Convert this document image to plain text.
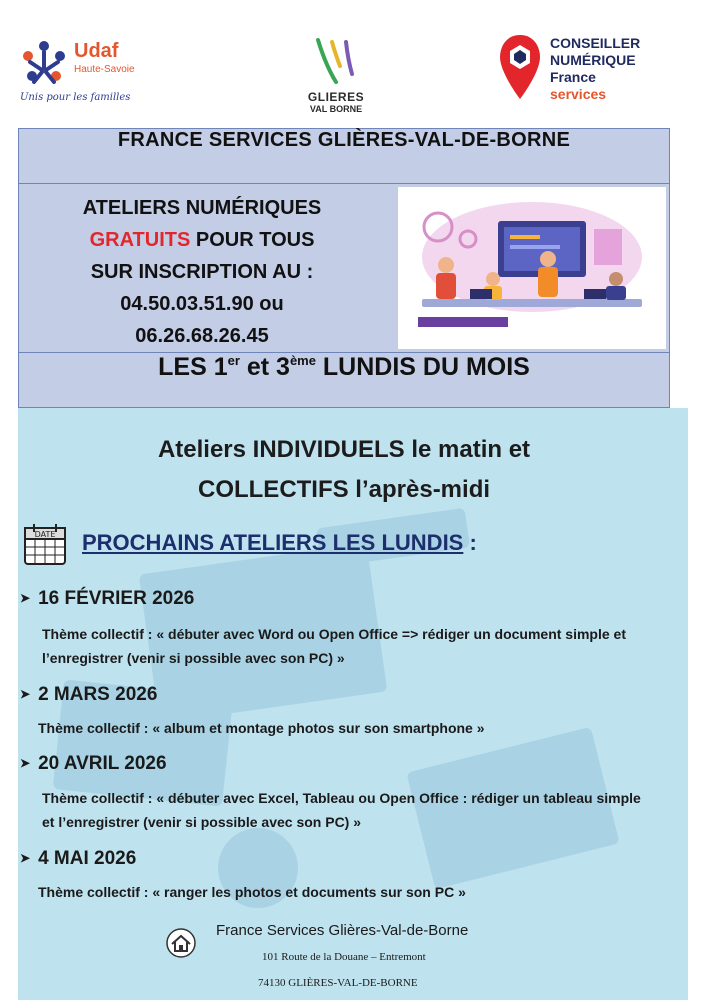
Udaf
Haute-Savoie
Unis pour les familles	GLIERES
VAL BORNE
CONSEILLER
NUMÉRIQUE
France
services
FRANCE SERVICES GLIÈRES-VAL-DE-BORNE
ATELIERS NUMÉRIQUES
GRATUITS POUR TOUS
SUR INSCRIPTION AU :
04.50.03.51.90 ou
06.26.68.26.45
LES 1er et 3ème LUNDIS DU MOIS
Ateliers INDIVIDUELS le matin et
COLLECTIFS l’après-midi
DATE PROCHAINS ATELIERS LES LUNDIS :
➤ 16 FÉVRIER 2026
Thème collectif : « débuter avec Word ou Open Office => rédiger un document simple et l’enregistrer (venir si possible avec son PC) »
➤ 2 MARS 2026
Thème collectif : « album et montage photos sur son smartphone »
➤ 20 AVRIL 2026
Thème collectif : « débuter avec Excel, Tableau ou Open Office : rédiger un tableau simple et l’enregistrer (venir si possible avec son PC) »
➤ 4 MAI 2026
Thème collectif : « ranger les photos et documents sur son PC »
France Services Glières-Val-de-Borne
101 Route de la Douane – Entremont
74130 GLIÈRES-VAL-DE-BORNE
